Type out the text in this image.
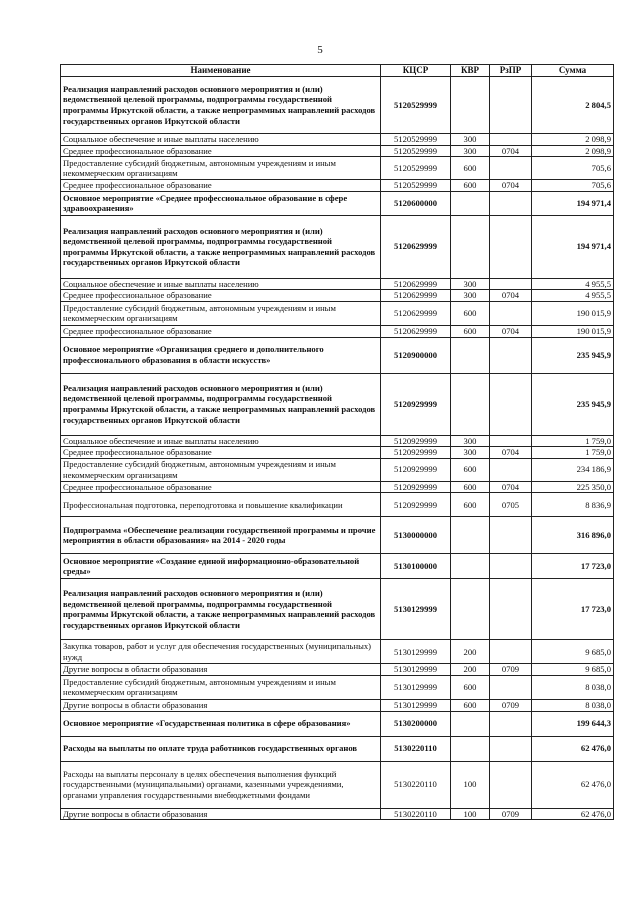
5
Наименование	КЦСР	КВР	РзПР	Сумма
Реализация направлений расходов основного мероприятия и (или) ведомственной целевой программы, подпрограммы государственной программы Иркутской области, а также непрограммных направлений расходов государственных органов Иркутской области	5120529999			2 804,5
Социальное обеспечение и иные выплаты населению	5120529999	300		2 098,9
Среднее профессиональное образование	5120529999	300	0704	2 098,9
Предоставление субсидий бюджетным, автономным учреждениям и иным некоммерческим организациям	5120529999	600		705,6
Среднее профессиональное образование	5120529999	600	0704	705,6
Основное мероприятие «Среднее профессиональное образование в сфере здравоохранения»	5120600000			194 971,4
Реализация направлений расходов основного мероприятия и (или) ведомственной целевой программы, подпрограммы государственной программы Иркутской области, а также непрограммных направлений расходов государственных органов Иркутской области	5120629999			194 971,4
Социальное обеспечение и иные выплаты населению	5120629999	300		4 955,5
Среднее профессиональное образование	5120629999	300	0704	4 955,5
Предоставление субсидий бюджетным, автономным учреждениям и иным некоммерческим организациям	5120629999	600		190 015,9
Среднее профессиональное образование	5120629999	600	0704	190 015,9
Основное мероприятие «Организация среднего и дополнительного профессионального образования в области искусств»	5120900000			235 945,9
Реализация направлений расходов основного мероприятия и (или) ведомственной целевой программы, подпрограммы государственной программы Иркутской области, а также непрограммных направлений расходов государственных органов Иркутской области	5120929999			235 945,9
Социальное обеспечение и иные выплаты населению	5120929999	300		1 759,0
Среднее профессиональное образование	5120929999	300	0704	1 759,0
Предоставление субсидий бюджетным, автономным учреждениям и иным некоммерческим организациям	5120929999	600		234 186,9
Среднее профессиональное образование	5120929999	600	0704	225 350,0
Профессиональная подготовка, переподготовка и повышение квалификации	5120929999	600	0705	8 836,9
Подпрограмма «Обеспечение реализации государственной программы и прочие мероприятия в области образования» на 2014 - 2020 годы	5130000000			316 896,0
Основное мероприятие «Создание единой информационно-образовательной среды»	5130100000			17 723,0
Реализация направлений расходов основного мероприятия и (или) ведомственной целевой программы, подпрограммы государственной программы Иркутской области, а также непрограммных направлений расходов государственных органов Иркутской области	5130129999			17 723,0
Закупка товаров, работ и услуг для обеспечения государственных (муниципальных) нужд	5130129999	200		9 685,0
Другие вопросы в области образования	5130129999	200	0709	9 685,0
Предоставление субсидий бюджетным, автономным учреждениям и иным некоммерческим организациям	5130129999	600		8 038,0
Другие вопросы в области образования	5130129999	600	0709	8 038,0
Основное мероприятие «Государственная политика в сфере образования»	5130200000			199 644,3
Расходы на выплаты по оплате труда работников государственных органов	5130220110			62 476,0
Расходы на выплаты персоналу в целях обеспечения выполнения функций государственными (муниципальными) органами, казенными учреждениями, органами управления государственными внебюджетными фондами	5130220110	100		62 476,0
Другие вопросы в области образования	5130220110	100	0709	62 476,0
